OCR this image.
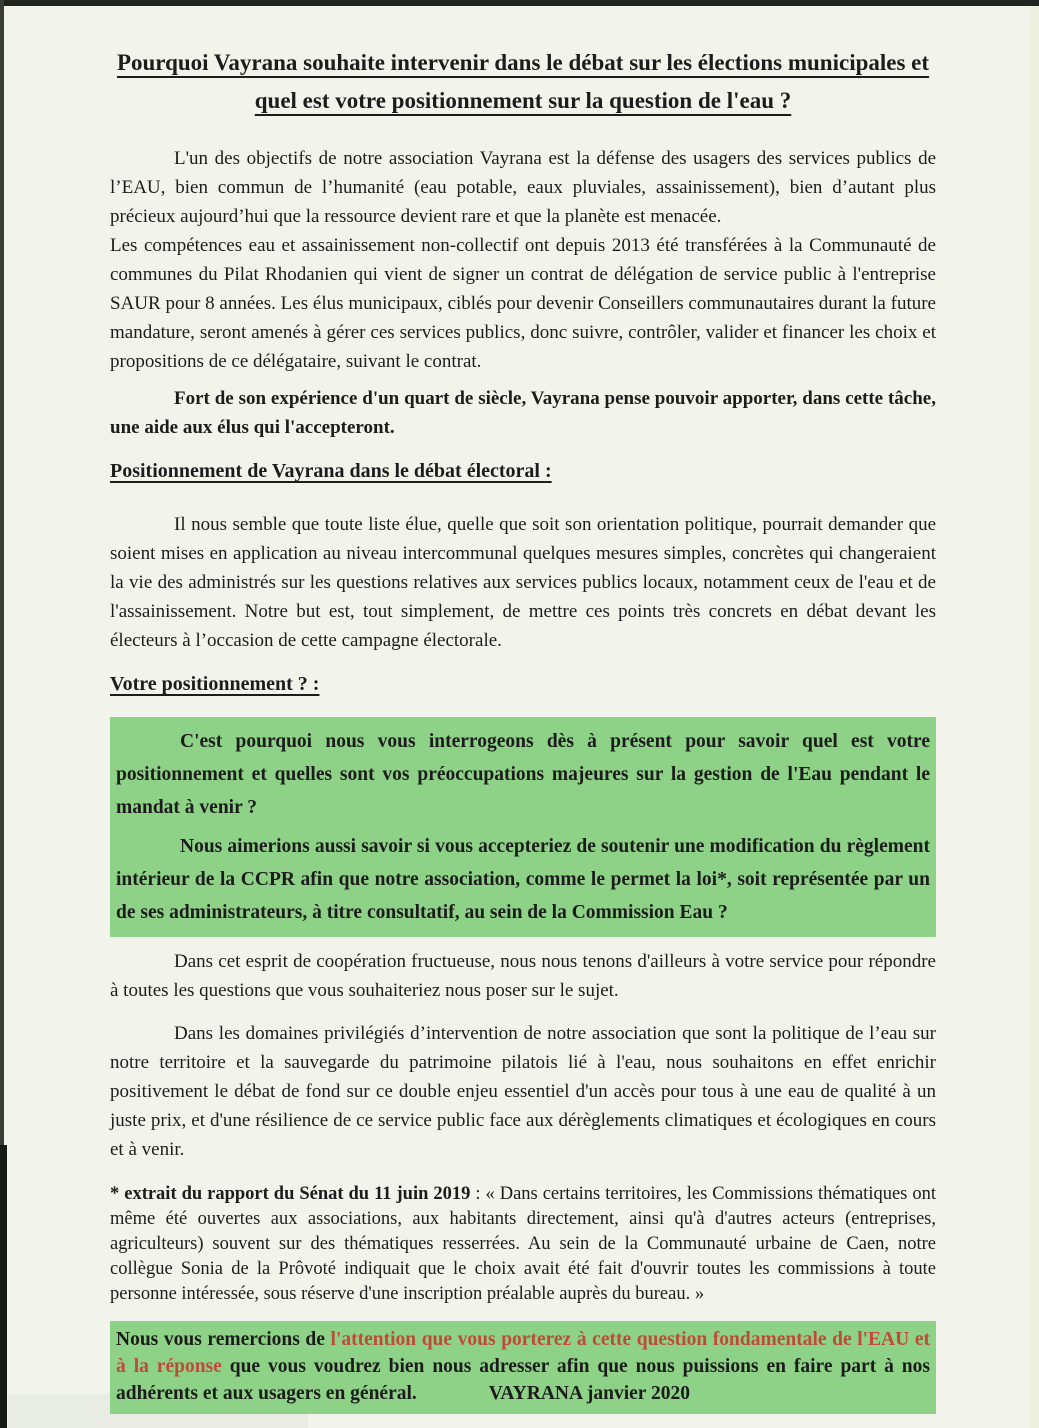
Pourquoi Vayrana souhaite intervenir dans le débat sur les élections municipales et quel est votre positionnement sur la question de l'eau ?

L'un des objectifs de notre association Vayrana est la défense des usagers des services publics de l’EAU, bien commun de l’humanité (eau potable, eaux pluviales, assainissement), bien d’autant plus précieux aujourd’hui que la ressource devient rare et que la planète est menacée.

Les compétences eau et assainissement non-collectif ont depuis 2013 été transférées à la Communauté de communes du Pilat Rhodanien qui vient de signer un contrat de délégation de service public à l'entreprise SAUR pour 8 années. Les élus municipaux, ciblés pour devenir Conseillers communautaires durant la future mandature, seront amenés à gérer ces services publics, donc suivre, contrôler, valider et financer les choix et propositions de ce délégataire, suivant le contrat.

Fort de son expérience d'un quart de siècle, Vayrana pense pouvoir apporter, dans cette tâche, une aide aux élus qui l'accepteront.

Positionnement de Vayrana dans le débat électoral :

Il nous semble que toute liste élue, quelle que soit son orientation politique, pourrait demander que soient mises en application au niveau intercommunal quelques mesures simples, concrètes qui changeraient la vie des administrés sur les questions relatives aux services publics locaux, notamment ceux de l'eau et de l'assainissement. Notre but est, tout simplement, de mettre ces points très concrets en débat devant les électeurs à l’occasion de cette campagne électorale.

Votre positionnement ? :

C'est pourquoi nous vous interrogeons dès à présent pour savoir quel est votre positionnement et quelles sont vos préoccupations majeures sur la gestion de l'Eau pendant le mandat à venir ?

Nous aimerions aussi savoir si vous accepteriez de soutenir une modification du règlement intérieur de la CCPR afin que notre association, comme le permet la loi*, soit représentée par un de ses administrateurs, à titre consultatif, au sein de la Commission Eau ?

Dans cet esprit de coopération fructueuse, nous nous tenons d'ailleurs à votre service pour répondre à toutes les questions que vous souhaiteriez nous poser sur le sujet.

Dans les domaines privilégiés d’intervention de notre association que sont la politique de l’eau sur notre territoire et la sauvegarde du patrimoine pilatois lié à l'eau, nous souhaitons en effet enrichir positivement le débat de fond sur ce double enjeu essentiel d'un accès pour tous à une eau de qualité à un juste prix, et d'une résilience de ce service public face aux dérèglements climatiques et écologiques en cours et à venir.

* extrait du rapport du Sénat du 11 juin 2019 : « Dans certains territoires, les Commissions thématiques ont même été ouvertes aux associations, aux habitants directement, ainsi qu'à d'autres acteurs (entreprises, agriculteurs) souvent sur des thématiques resserrées. Au sein de la Communauté urbaine de Caen, notre collègue Sonia de la Prôvoté indiquait que le choix avait été fait d'ouvrir toutes les commissions à toute personne intéressée, sous réserve d'une inscription préalable auprès du bureau. »

Nous vous remercions de l'attention que vous porterez à cette question fondamentale de l'EAU et à la réponse que vous voudrez bien nous adresser afin que nous puissions en faire part à nos adhérents et aux usagers en général.	VAYRANA janvier 2020
